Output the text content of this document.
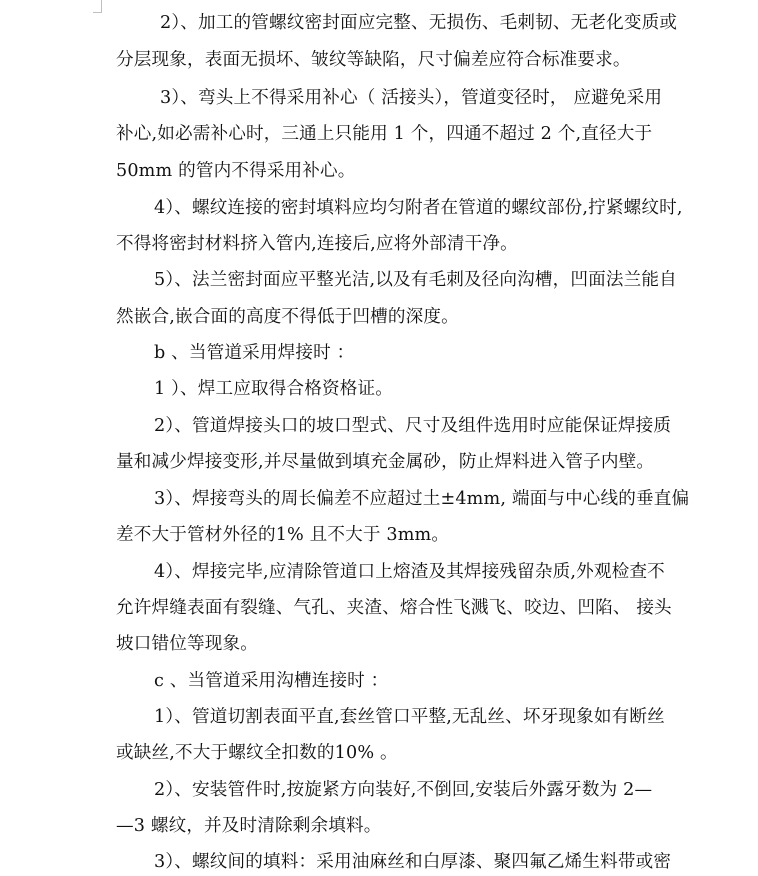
2）、加工的管螺纹密封面应完整、无损伤、毛刺韧、无老化变质或
分层现象，表面无损坏、皱纹等缺陷，尺寸偏差应符合标准要求。
3）、弯头上不得采用补心（ 活接头），管道变径时， 应避免采用
补心,如必需补心时，三通上只能用 1 个，四通不超过 2 个,直径大于
50mm 的管内不得采用补心。
4）、螺纹连接的密封填料应均匀附者在管道的螺纹部份,拧紧螺纹时,
不得将密封材料挤入管内,连接后,应将外部清干净。
5）、法兰密封面应平整光洁,以及有毛刺及径向沟槽，凹面法兰能自
然嵌合,嵌合面的高度不得低于凹槽的深度。
b 、当管道采用焊接时 ：
1 ）、焊工应取得合格资格证。
2）、管道焊接头口的坡口型式、尺寸及组件选用时应能保证焊接质
量和减少焊接变形,并尽量做到填充金属砂，防止焊料进入管子内壁。
3）、焊接弯头的周长偏差不应超过土±4mm, 端面与中心线的垂直偏
差不大于管材外径的1% 且不大于 3mm。
4）、焊接完毕,应清除管道口上熔渣及其焊接残留杂质,外观检查不
允许焊缝表面有裂缝、气孔、夹渣、熔合性飞溅飞、咬边、凹陷、 接头
坡口错位等现象。
c 、当管道采用沟槽连接时 ：
1）、管道切割表面平直,套丝管口平整,无乱丝、坏牙现象如有断丝
或缺丝,不大于螺纹全扣数的10% 。
2）、安装管件时,按旋紧方向装好,不倒回,安装后外露牙数为 2—
—3 螺纹，并及时清除剩余填料。
3）、螺纹间的填料：采用油麻丝和白厚漆、聚四氟乙烯生料带或密
